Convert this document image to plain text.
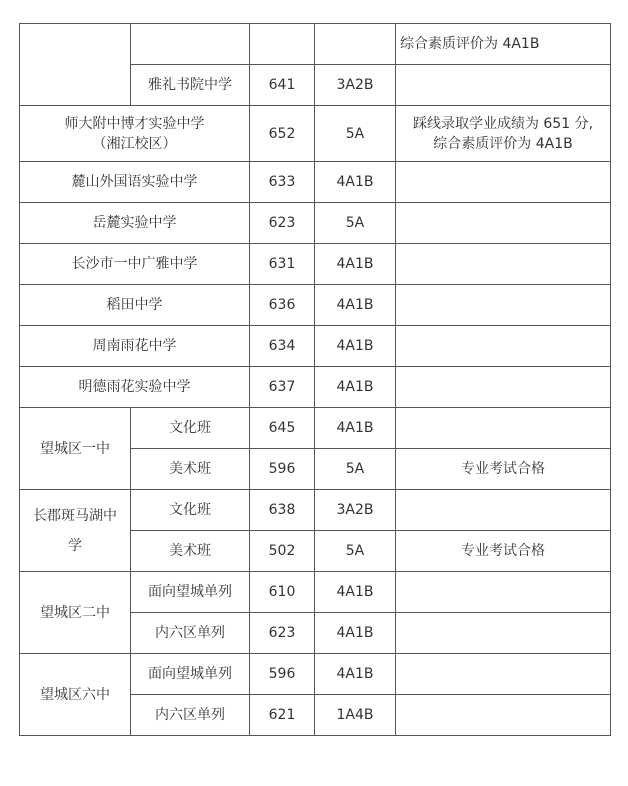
				综合素质评价为 4A1B
	雅礼书院中学	641	3A2B	

师大附中博才实验中学
（湘江校区）		652	5A	踩线录取学业成绩为 651 分,
综合素质评价为 4A1B

麓山外国语实验中学		633	4A1B	
岳麓实验中学		623	5A	
长沙市一中广雅中学		631	4A1B	
稻田中学		636	4A1B	
周南雨花中学		634	4A1B	
明德雨花实验中学		637	4A1B	
望城区一中	文化班	645	4A1B	
	美术班	596	5A	专业考试合格

长郡斑马湖中
学	文化班	638	3A2B	
	美术班	502	5A	专业考试合格
望城区二中	面向望城单列	610	4A1B	
	内六区单列	623	4A1B	
望城区六中	面向望城单列	596	4A1B	
	内六区单列	621	1A4B	
